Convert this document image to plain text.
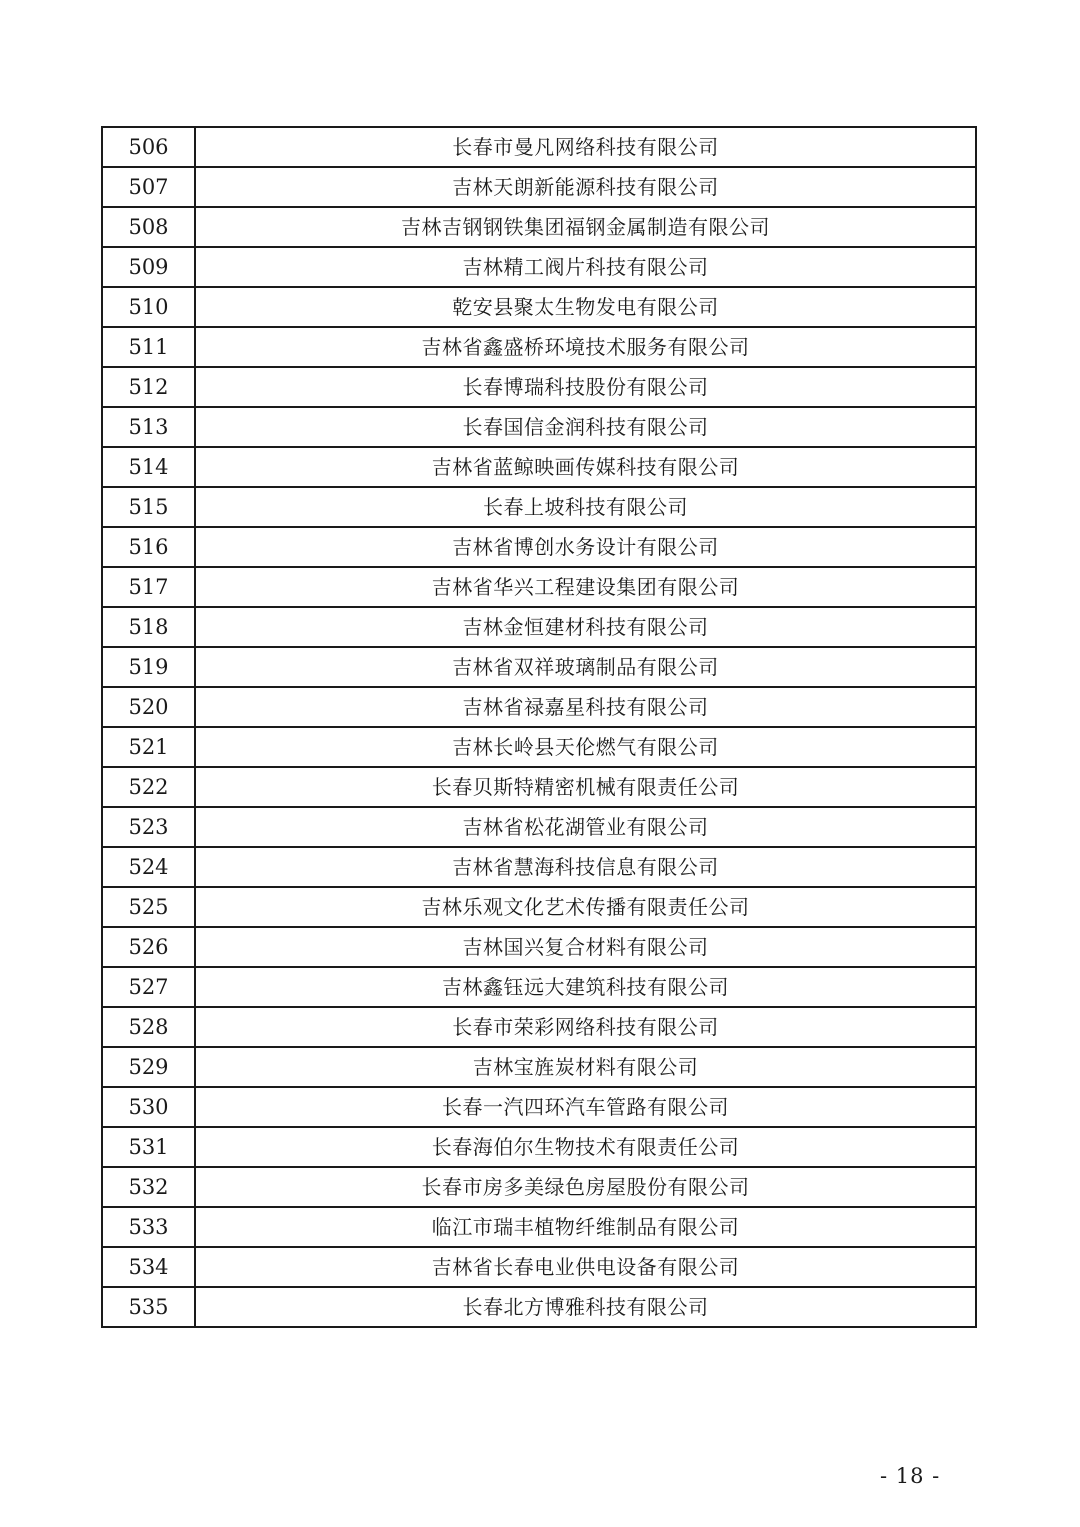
506	长春市曼凡网络科技有限公司
507	吉林天朗新能源科技有限公司
508	吉林吉钢钢铁集团福钢金属制造有限公司
509	吉林精工阀片科技有限公司
510	乾安县聚太生物发电有限公司
511	吉林省鑫盛桥环境技术服务有限公司
512	长春博瑞科技股份有限公司
513	长春国信金润科技有限公司
514	吉林省蓝鲸映画传媒科技有限公司
515	长春上坡科技有限公司
516	吉林省博创水务设计有限公司
517	吉林省华兴工程建设集团有限公司
518	吉林金恒建材科技有限公司
519	吉林省双祥玻璃制品有限公司
520	吉林省禄嘉星科技有限公司
521	吉林长岭县天伦燃气有限公司
522	长春贝斯特精密机械有限责任公司
523	吉林省松花湖管业有限公司
524	吉林省慧海科技信息有限公司
525	吉林乐观文化艺术传播有限责任公司
526	吉林国兴复合材料有限公司
527	吉林鑫钰远大建筑科技有限公司
528	长春市荣彩网络科技有限公司
529	吉林宝旌炭材料有限公司
530	长春一汽四环汽车管路有限公司
531	长春海伯尔生物技术有限责任公司
532	长春市房多美绿色房屋股份有限公司
533	临江市瑞丰植物纤维制品有限公司
534	吉林省长春电业供电设备有限公司
535	长春北方博雅科技有限公司
- 18 -
